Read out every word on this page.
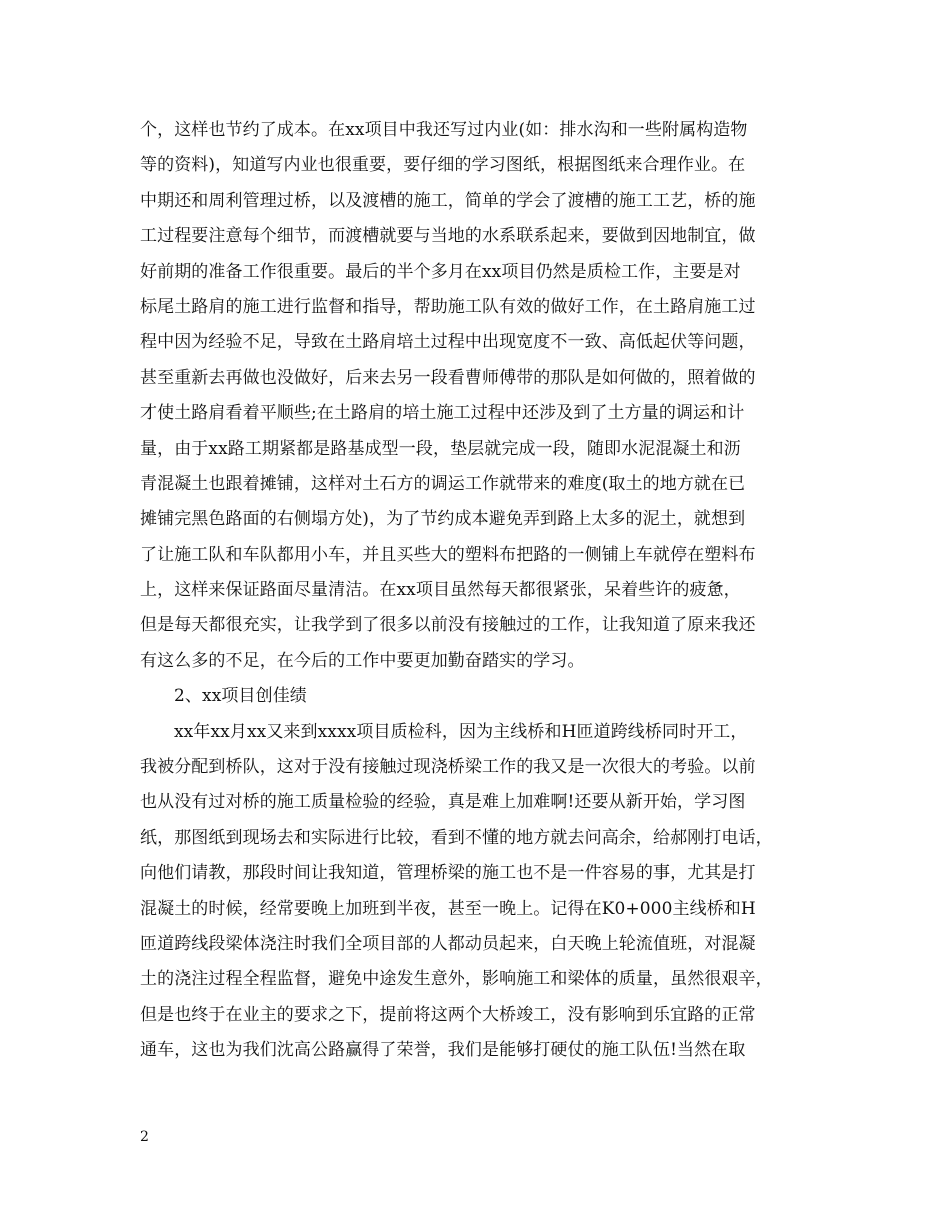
个，这样也节约了成本。在xx项目中我还写过内业(如：排水沟和一些附属构造物
等的资料)，知道写内业也很重要，要仔细的学习图纸，根据图纸来合理作业。在
中期还和周利管理过桥，以及渡槽的施工，简单的学会了渡槽的施工工艺，桥的施
工过程要注意每个细节，而渡槽就要与当地的水系联系起来，要做到因地制宜，做
好前期的准备工作很重要。最后的半个多月在xx项目仍然是质检工作，主要是对
标尾土路肩的施工进行监督和指导，帮助施工队有效的做好工作，在土路肩施工过
程中因为经验不足，导致在土路肩培土过程中出现宽度不一致、高低起伏等问题，
甚至重新去再做也没做好，后来去另一段看曹师傅带的那队是如何做的，照着做的
才使土路肩看着平顺些;在土路肩的培土施工过程中还涉及到了土方量的调运和计
量，由于xx路工期紧都是路基成型一段，垫层就完成一段，随即水泥混凝土和沥
青混凝土也跟着摊铺，这样对土石方的调运工作就带来的难度(取土的地方就在已
摊铺完黑色路面的右侧塌方处)，为了节约成本避免弄到路上太多的泥土，就想到
了让施工队和车队都用小车，并且买些大的塑料布把路的一侧铺上车就停在塑料布
上，这样来保证路面尽量清洁。在xx项目虽然每天都很紧张，呆着些许的疲惫，
但是每天都很充实，让我学到了很多以前没有接触过的工作，让我知道了原来我还
有这么多的不足，在今后的工作中要更加勤奋踏实的学习。
2、xx项目创佳绩
xx年xx月xx又来到xxxx项目质检科，因为主线桥和H匝道跨线桥同时开工，
我被分配到桥队，这对于没有接触过现浇桥梁工作的我又是一次很大的考验。以前
也从没有过对桥的施工质量检验的经验，真是难上加难啊!还要从新开始，学习图
纸，那图纸到现场去和实际进行比较，看到不懂的地方就去问高余，给郝刚打电话，
向他们请教，那段时间让我知道，管理桥梁的施工也不是一件容易的事，尤其是打
混凝土的时候，经常要晚上加班到半夜，甚至一晚上。记得在K0+000主线桥和H
匝道跨线段梁体浇注时我们全项目部的人都动员起来，白天晚上轮流值班，对混凝
土的浇注过程全程监督，避免中途发生意外，影响施工和梁体的质量，虽然很艰辛，
但是也终于在业主的要求之下，提前将这两个大桥竣工，没有影响到乐宜路的正常
通车，这也为我们沈高公路赢得了荣誉，我们是能够打硬仗的施工队伍!当然在取
2
